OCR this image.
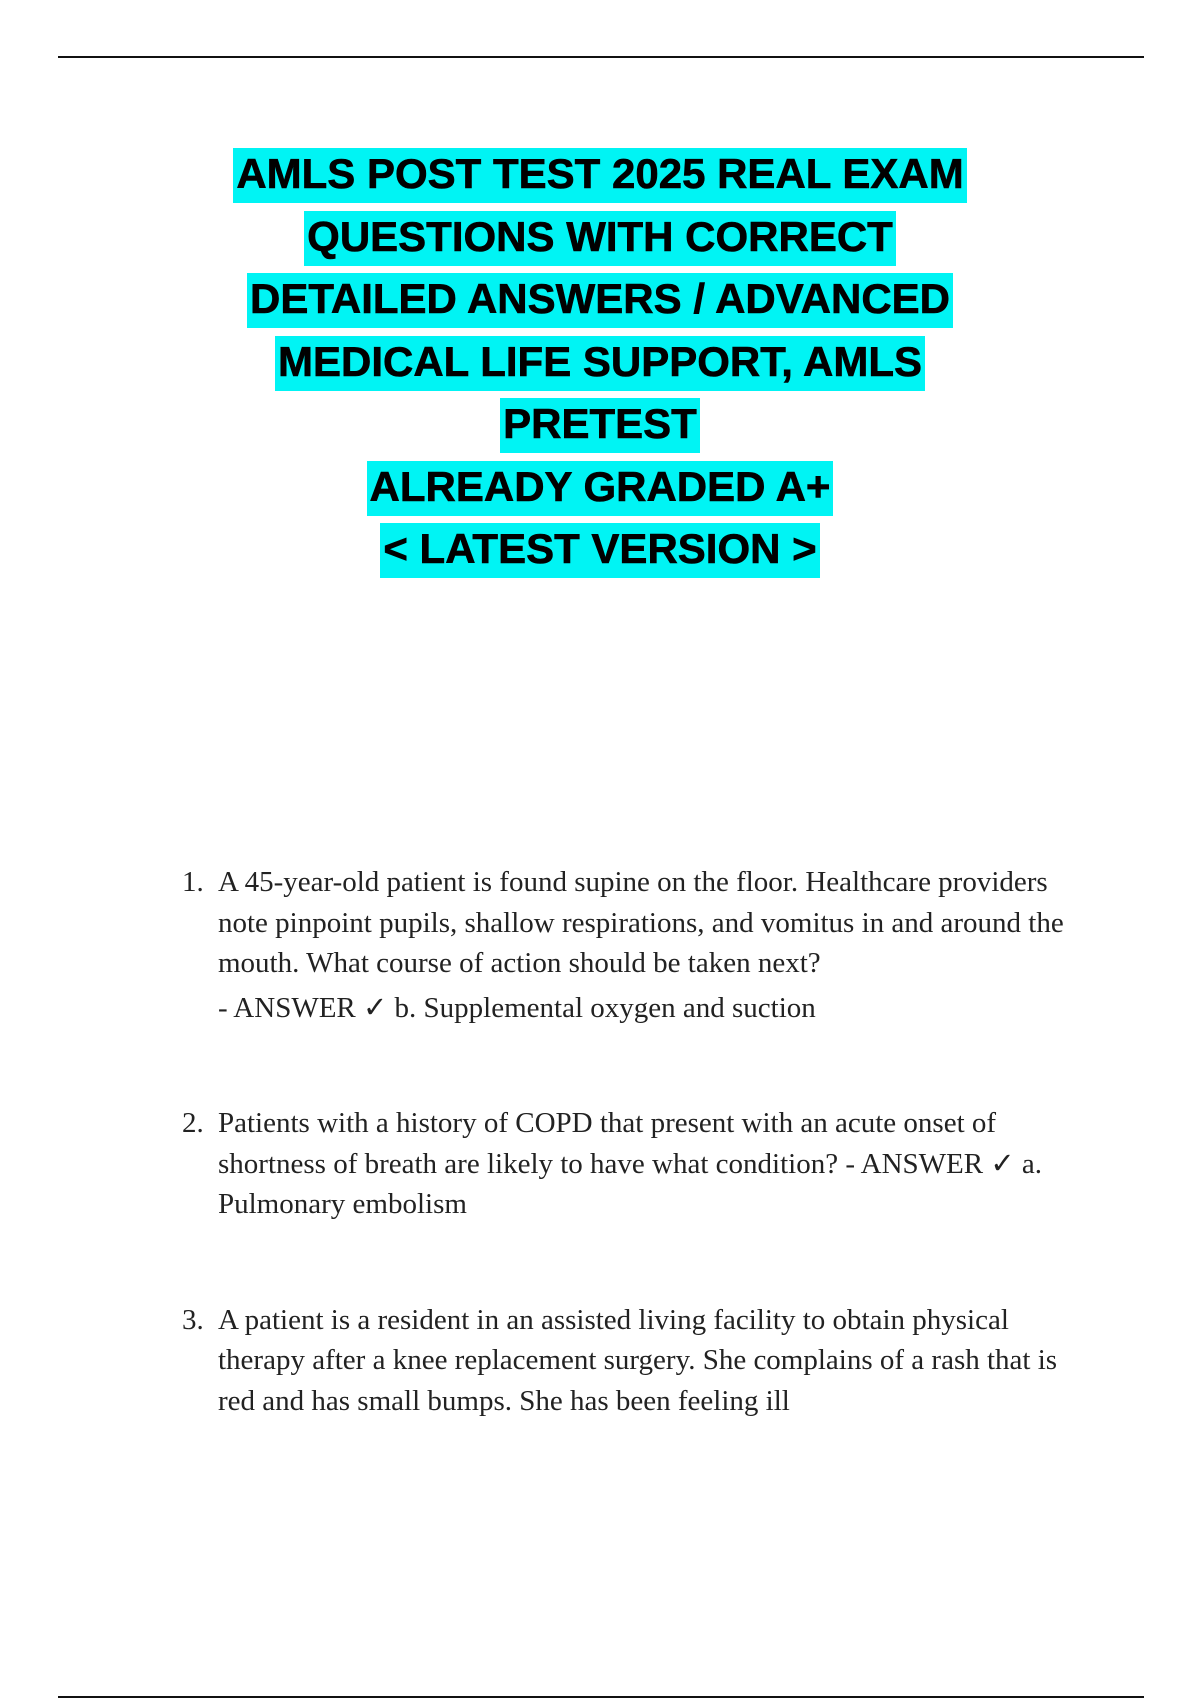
AMLS POST TEST 2025 REAL EXAM
QUESTIONS WITH CORRECT
DETAILED ANSWERS / ADVANCED
MEDICAL LIFE SUPPORT, AMLS
PRETEST
ALREADY GRADED A+
< LATEST VERSION >
1. A 45-year-old patient is found supine on the floor. Healthcare providers note pinpoint pupils, shallow respirations, and vomitus in and around the mouth. What course of action should be taken next?
- ANSWER ✓ b. Supplemental oxygen and suction
2. Patients with a history of COPD that present with an acute onset of shortness of breath are likely to have what condition? - ANSWER ✓ a. Pulmonary embolism
3. A patient is a resident in an assisted living facility to obtain physical therapy after a knee replacement surgery. She complains of a rash that is red and has small bumps. She has been feeling ill
